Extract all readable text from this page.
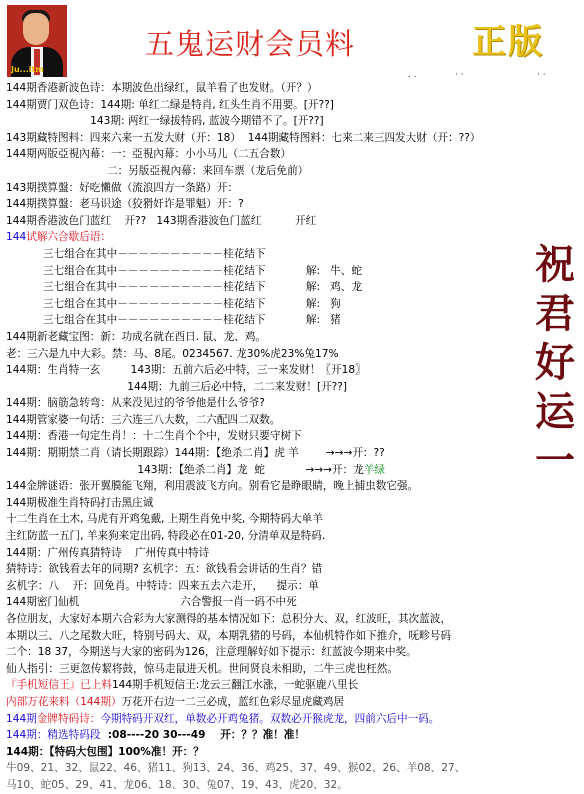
Ju...itm
五鬼运财会员料	正版
. .	· ·	· ·
144期香港新波色诗：本期波色出绿红，鼠羊看了也发财。（开？）
144期贾门双色诗：144期: 单红二绿是特肖, 红头生肖不用要。[开??]
143期: 两红一绿拔特码, 蓝波今期错不了。[开??]
143期藏特图料：四来六来一五发大财（开：18）  144期藏特图料：七来二来三四发大财（开：??）
144期两版亞視內幕：一：亞視內幕：小小马儿（二五合数）
二：另版亞視內幕：来回车票（龙后免前）
143期撲算盤：好吃懶做（流浪四方一条路）开：
144期撲算盤：老马识途（狡猾奸诈是罪魁）开：?
144期香港波色门蓝红    开??   143期香港波色门蓝红          开红
144试解六合歇后语：
三七组合在其中－－－－－－－－－－桂花结下
三七组合在其中－－－－－－－－－－桂花结下            解:   牛、蛇
三七组合在其中－－－－－－－－－－桂花结下            解:   鸡、龙
三七组合在其中－－－－－－－－－－桂花结下            解:   狗
三七组合在其中－－－－－－－－－－桂花结下            解:   猪
144期新老藏宝图：新：功成名就在酉日. 鼠、龙、鸡。
老：三六是九中大彩。禁：马、8尾。0234567. 龙30%虎23%兔17%
144期：生肖特一玄         143期：五前六后必中特，三一来发财！〖开18〗
144期：九前三后必中特，二二来发财！[开??]
144期：脑筋急转弯：从来没见过的爷爷他是什么爷爷?
144期管家婆一句话：三六连三八大数，二六配四二双数。
144期：香港一句定生肖！：十二生肖个个中，发财只要守树下
144期：期期禁二肖（请长期跟踪）144期：【绝杀二肖】虎 羊        →→→开：??
143期：【绝杀二肖】龙  蛇            →→→开：龙羊绿
144金牌谜语：张开翼膜能飞翔，利用震波飞方向。别看它是睁眼睛，晚上捕虫数它强。
144期极准生肖特码打击黑庄诚
十二生肖在土木, 马虎有开鸡兔戴, 上期生肖免中奖, 今期特码大单羊
主红防蓝一五门, 羊来狗来定出码, 特段必在01-20, 分清单双是特码.
144期：广州传真猜特诗    广州传真中特诗
猜特诗：欲钱看去年的同期? 玄机字：五：欲钱看会讲话的生肖？错
玄机字：八    开：回免肖。中特诗：四来五去六走开，    提示：单
144期密门仙机                              六合警报一肖一码不中死
各位朋友，大家好本期六合彩为大家测得的基本情况如下：总积分大、双，红波旺，其次蓝波，
本期以三、八之尾数大旺，特别号码大、双，本期乳猪的号码，本仙机特作如下推介，呒畛号码
二个：18 37，今期送与大家的密码为126，注意理解好如下提示：红蓝波今期来中奖。
仙人指引：三更忽传絜将鼓，惊马走鼠进天机。世间贤良未相助，二牛三虎也枉然。
『手机短信王』已上料144期手机短信王:龙云三翻江水涨，一蛇驱鹿八里长
内部万花来料（144期）万花开右边一二三必成，蓝红色彩尽显虎藏鸡居
144期金牌特码诗：今期特码开双红，单数必开鸡兔猪。双数必开猴虎龙，四前六后中一码。
144期：精选特码段  :08----20 30---49    开：？？准！准！
144期：【特码大包围】100%准！开：？
牛09、21、32、鼠22、46、猪11、狗13、24、36、鸡25、37、49、猴02、26、羊08、27、
马10、蛇05、29、41、龙06、18、30、兔07、19、43、虎20、32。
祝
君
好
运
一
